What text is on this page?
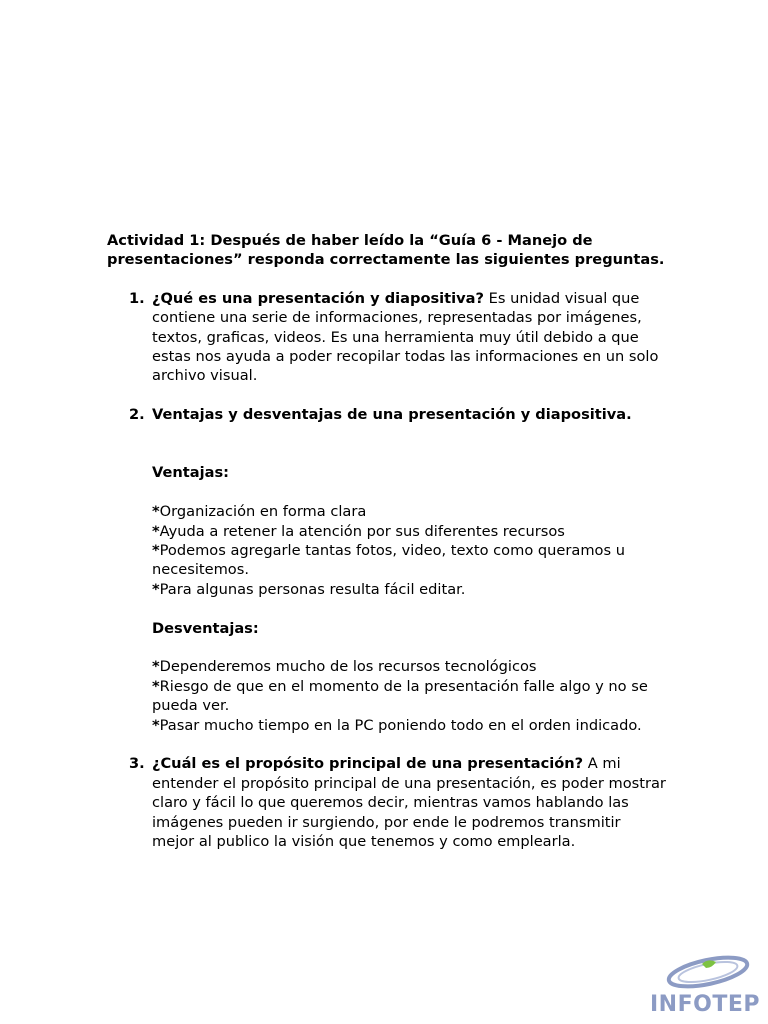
Actividad 1: Después de haber leído la “Guía 6 - Manejo de presentaciones” responda correctamente las siguientes preguntas.

1. ¿Qué es una presentación y diapositiva? Es unidad visual que contiene una serie de informaciones, representadas por imágenes, textos, graficas, videos. Es una herramienta muy útil debido a que estas nos ayuda a poder recopilar todas las informaciones en un solo archivo visual.
2. Ventajas y desventajas de una presentación y diapositiva.
Ventajas:
*Organización en forma clara
*Ayuda a retener la atención por sus diferentes recursos
*Podemos agregarle tantas fotos, video, texto como queramos u necesitemos.
*Para algunas personas resulta fácil editar.
Desventajas:
*Dependeremos mucho de los recursos tecnológicos
*Riesgo de que en el momento de la presentación falle algo y no se pueda ver.
*Pasar mucho tiempo en la PC poniendo todo en el orden indicado.
3. ¿Cuál es el propósito principal de una presentación? A mi entender el propósito principal de una presentación, es poder mostrar claro y fácil lo que queremos decir, mientras vamos hablando las imágenes pueden ir surgiendo, por ende le podremos transmitir mejor al publico la visión que tenemos y como emplearla.
INFOTEP
